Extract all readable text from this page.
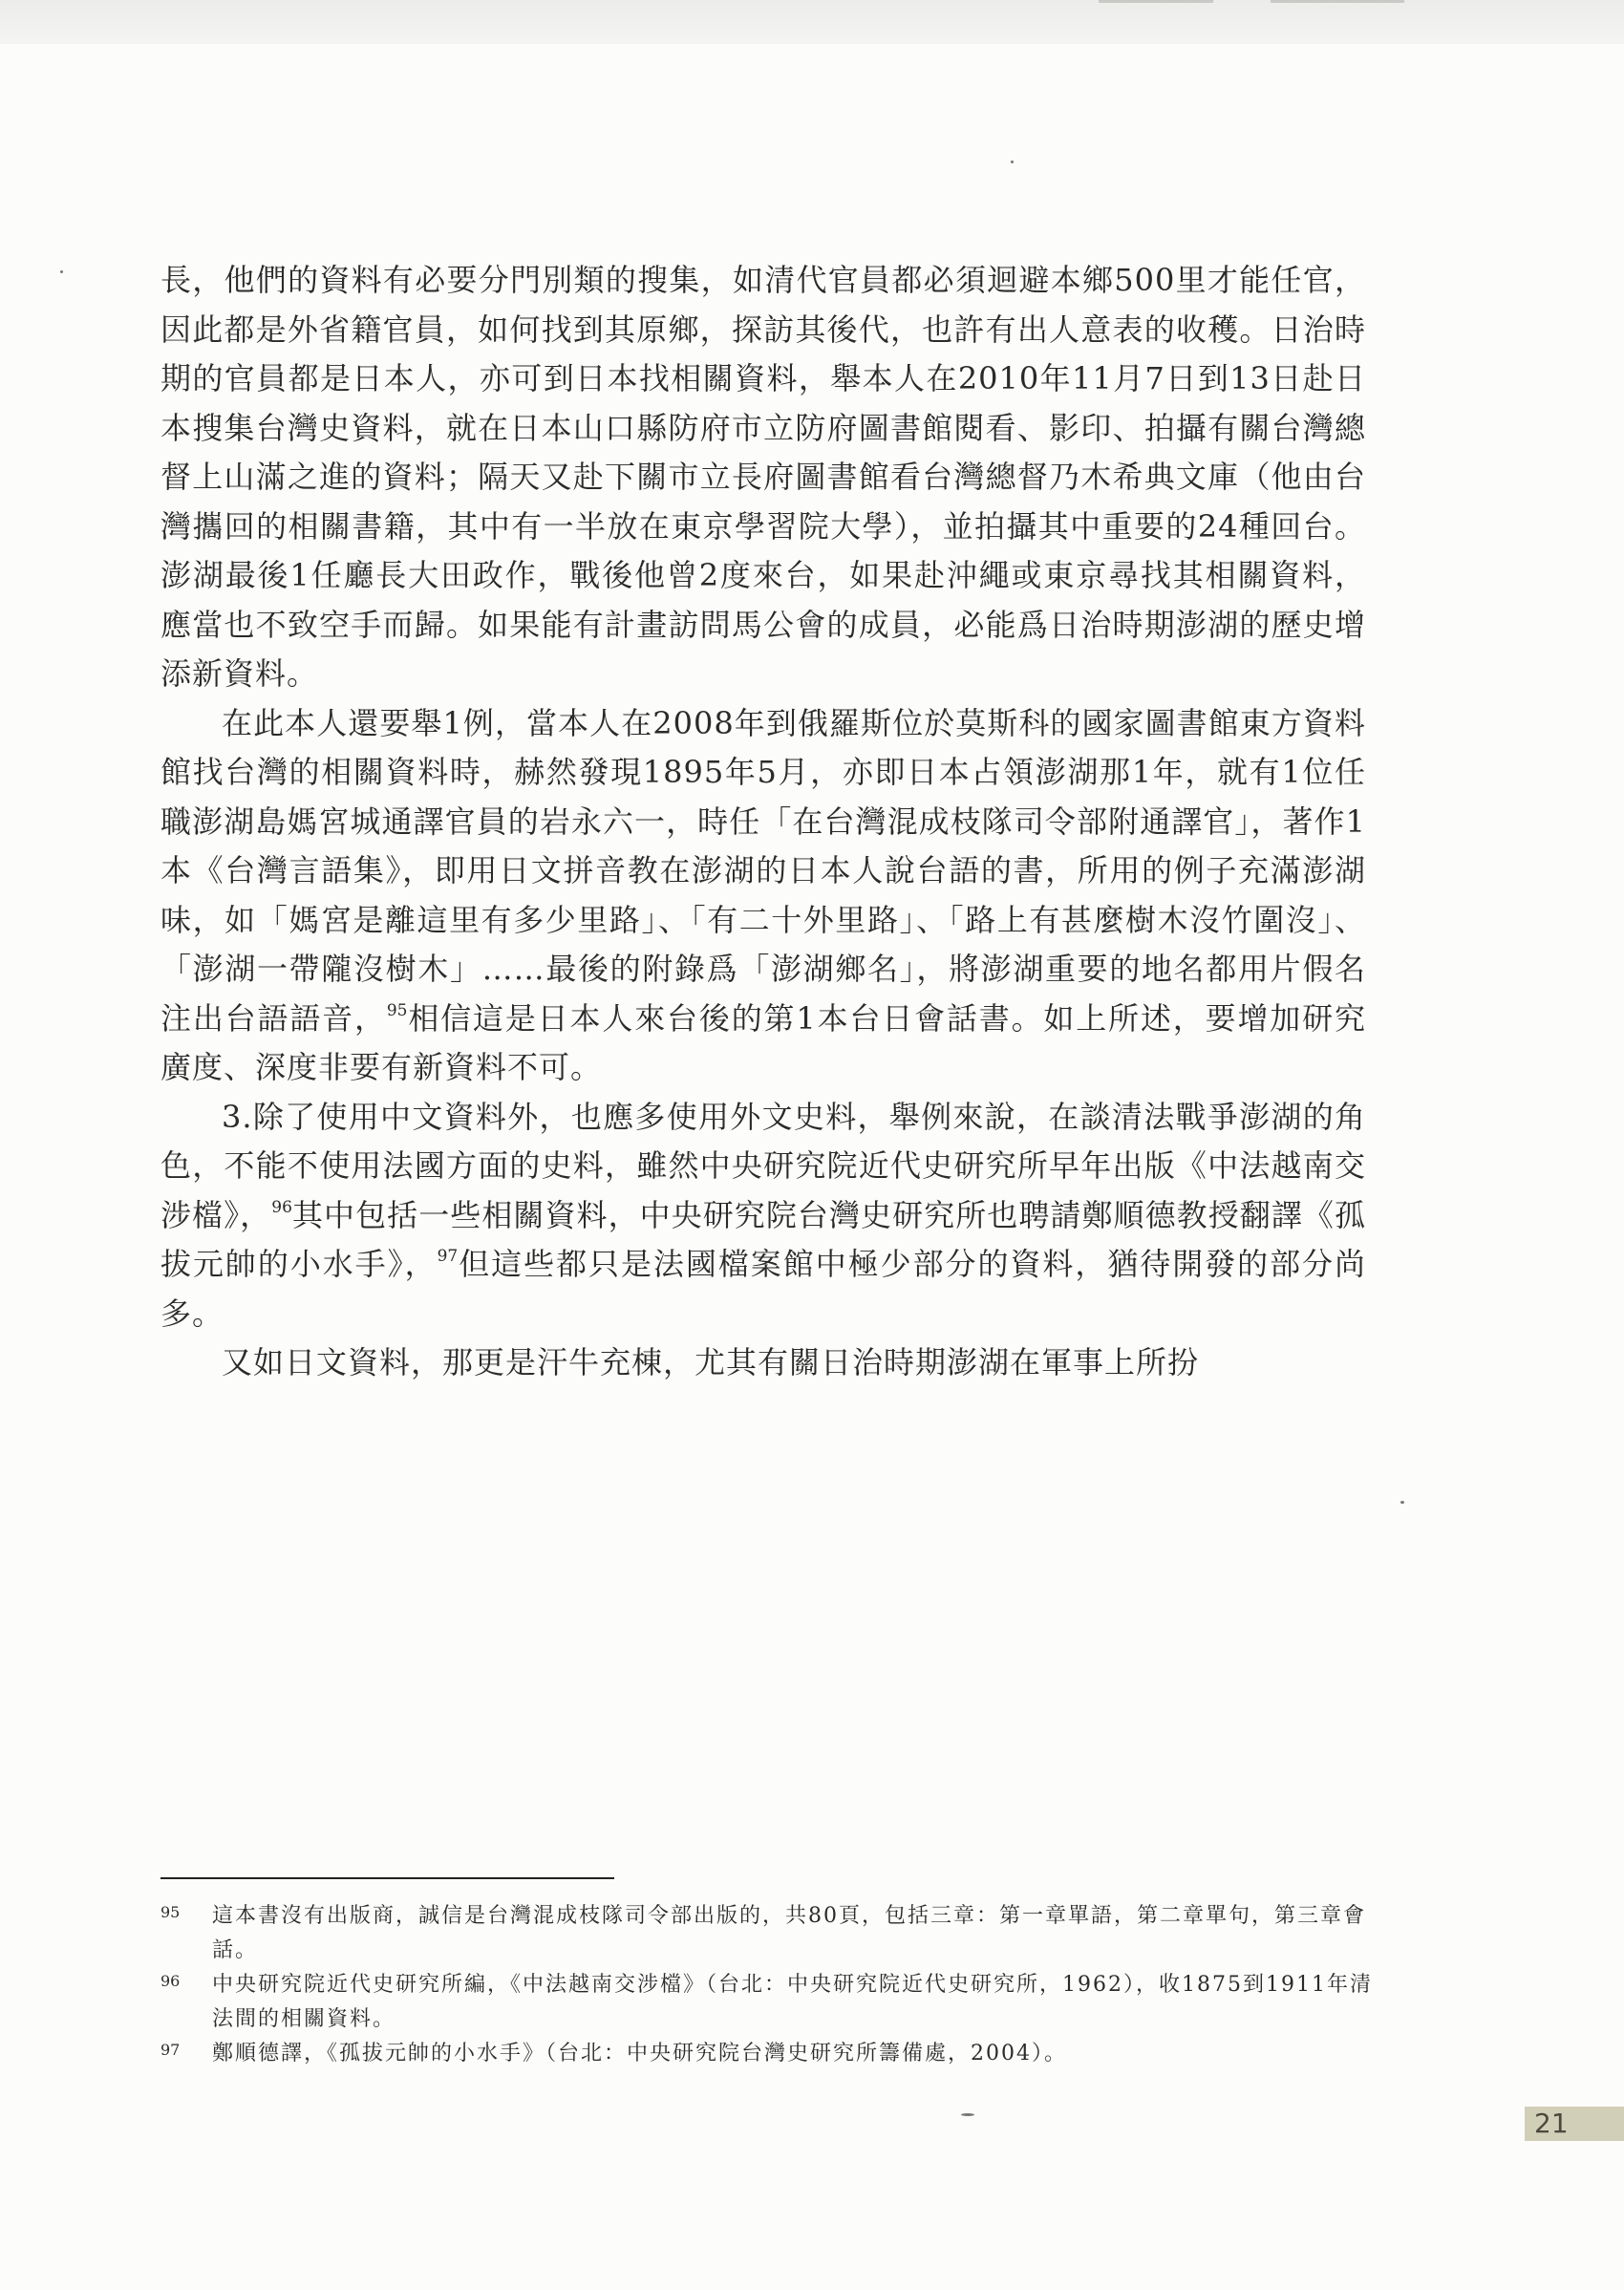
長，他們的資料有必要分門別類的搜集，如清代官員都必須迴避本鄉500里才能任官，因此都是外省籍官員，如何找到其原鄉，探訪其後代，也許有出人意表的收穫。日治時期的官員都是日本人，亦可到日本找相關資料，舉本人在2010年11月7日到13日赴日本搜集台灣史資料，就在日本山口縣防府市立防府圖書館閱看、影印、拍攝有關台灣總督上山滿之進的資料；隔天又赴下關市立長府圖書館看台灣總督乃木希典文庫（他由台灣攜回的相關書籍，其中有一半放在東京學習院大學），並拍攝其中重要的24種回台。澎湖最後1任廳長大田政作，戰後他曾2度來台，如果赴沖繩或東京尋找其相關資料，應當也不致空手而歸。如果能有計畫訪問馬公會的成員，必能爲日治時期澎湖的歷史增添新資料。

在此本人還要舉1例，當本人在2008年到俄羅斯位於莫斯科的國家圖書館東方資料館找台灣的相關資料時，赫然發現1895年5月，亦即日本占領澎湖那1年，就有1位任職澎湖島媽宮城通譯官員的岩永六一，時任「在台灣混成枝隊司令部附通譯官」，著作1本《台灣言語集》，即用日文拼音教在澎湖的日本人說台語的書，所用的例子充滿澎湖味，如「媽宮是離這里有多少里路」、「有二十外里路」、「路上有甚麼樹木沒竹圍沒」、「澎湖一帶隴沒樹木」……最後的附錄爲「澎湖鄉名」，將澎湖重要的地名都用片假名注出台語語音，$^{95}$相信這是日本人來台後的第1本台日會話書。如上所述，要增加研究廣度、深度非要有新資料不可。

3.除了使用中文資料外，也應多使用外文史料，舉例來說，在談清法戰爭澎湖的角色，不能不使用法國方面的史料，雖然中央研究院近代史研究所早年出版《中法越南交涉檔》，$^{96}$其中包括一些相關資料，中央研究院台灣史研究所也聘請鄭順德教授翻譯《孤拔元帥的小水手》，$^{97}$但這些都只是法國檔案館中極少部分的資料，猶待開發的部分尚多。

又如日文資料，那更是汗牛充棟，尤其有關日治時期澎湖在軍事上所扮

95	這本書沒有出版商，誠信是台灣混成枝隊司令部出版的，共80頁，包括三章：第一章單語，第二章單句，第三章會話。
96	中央研究院近代史研究所編，《中法越南交涉檔》（台北：中央研究院近代史研究所，1962），收1875到1911年清法間的相關資料。
97	鄭順德譯，《孤拔元帥的小水手》（台北：中央研究院台灣史研究所籌備處，2004）。
21
